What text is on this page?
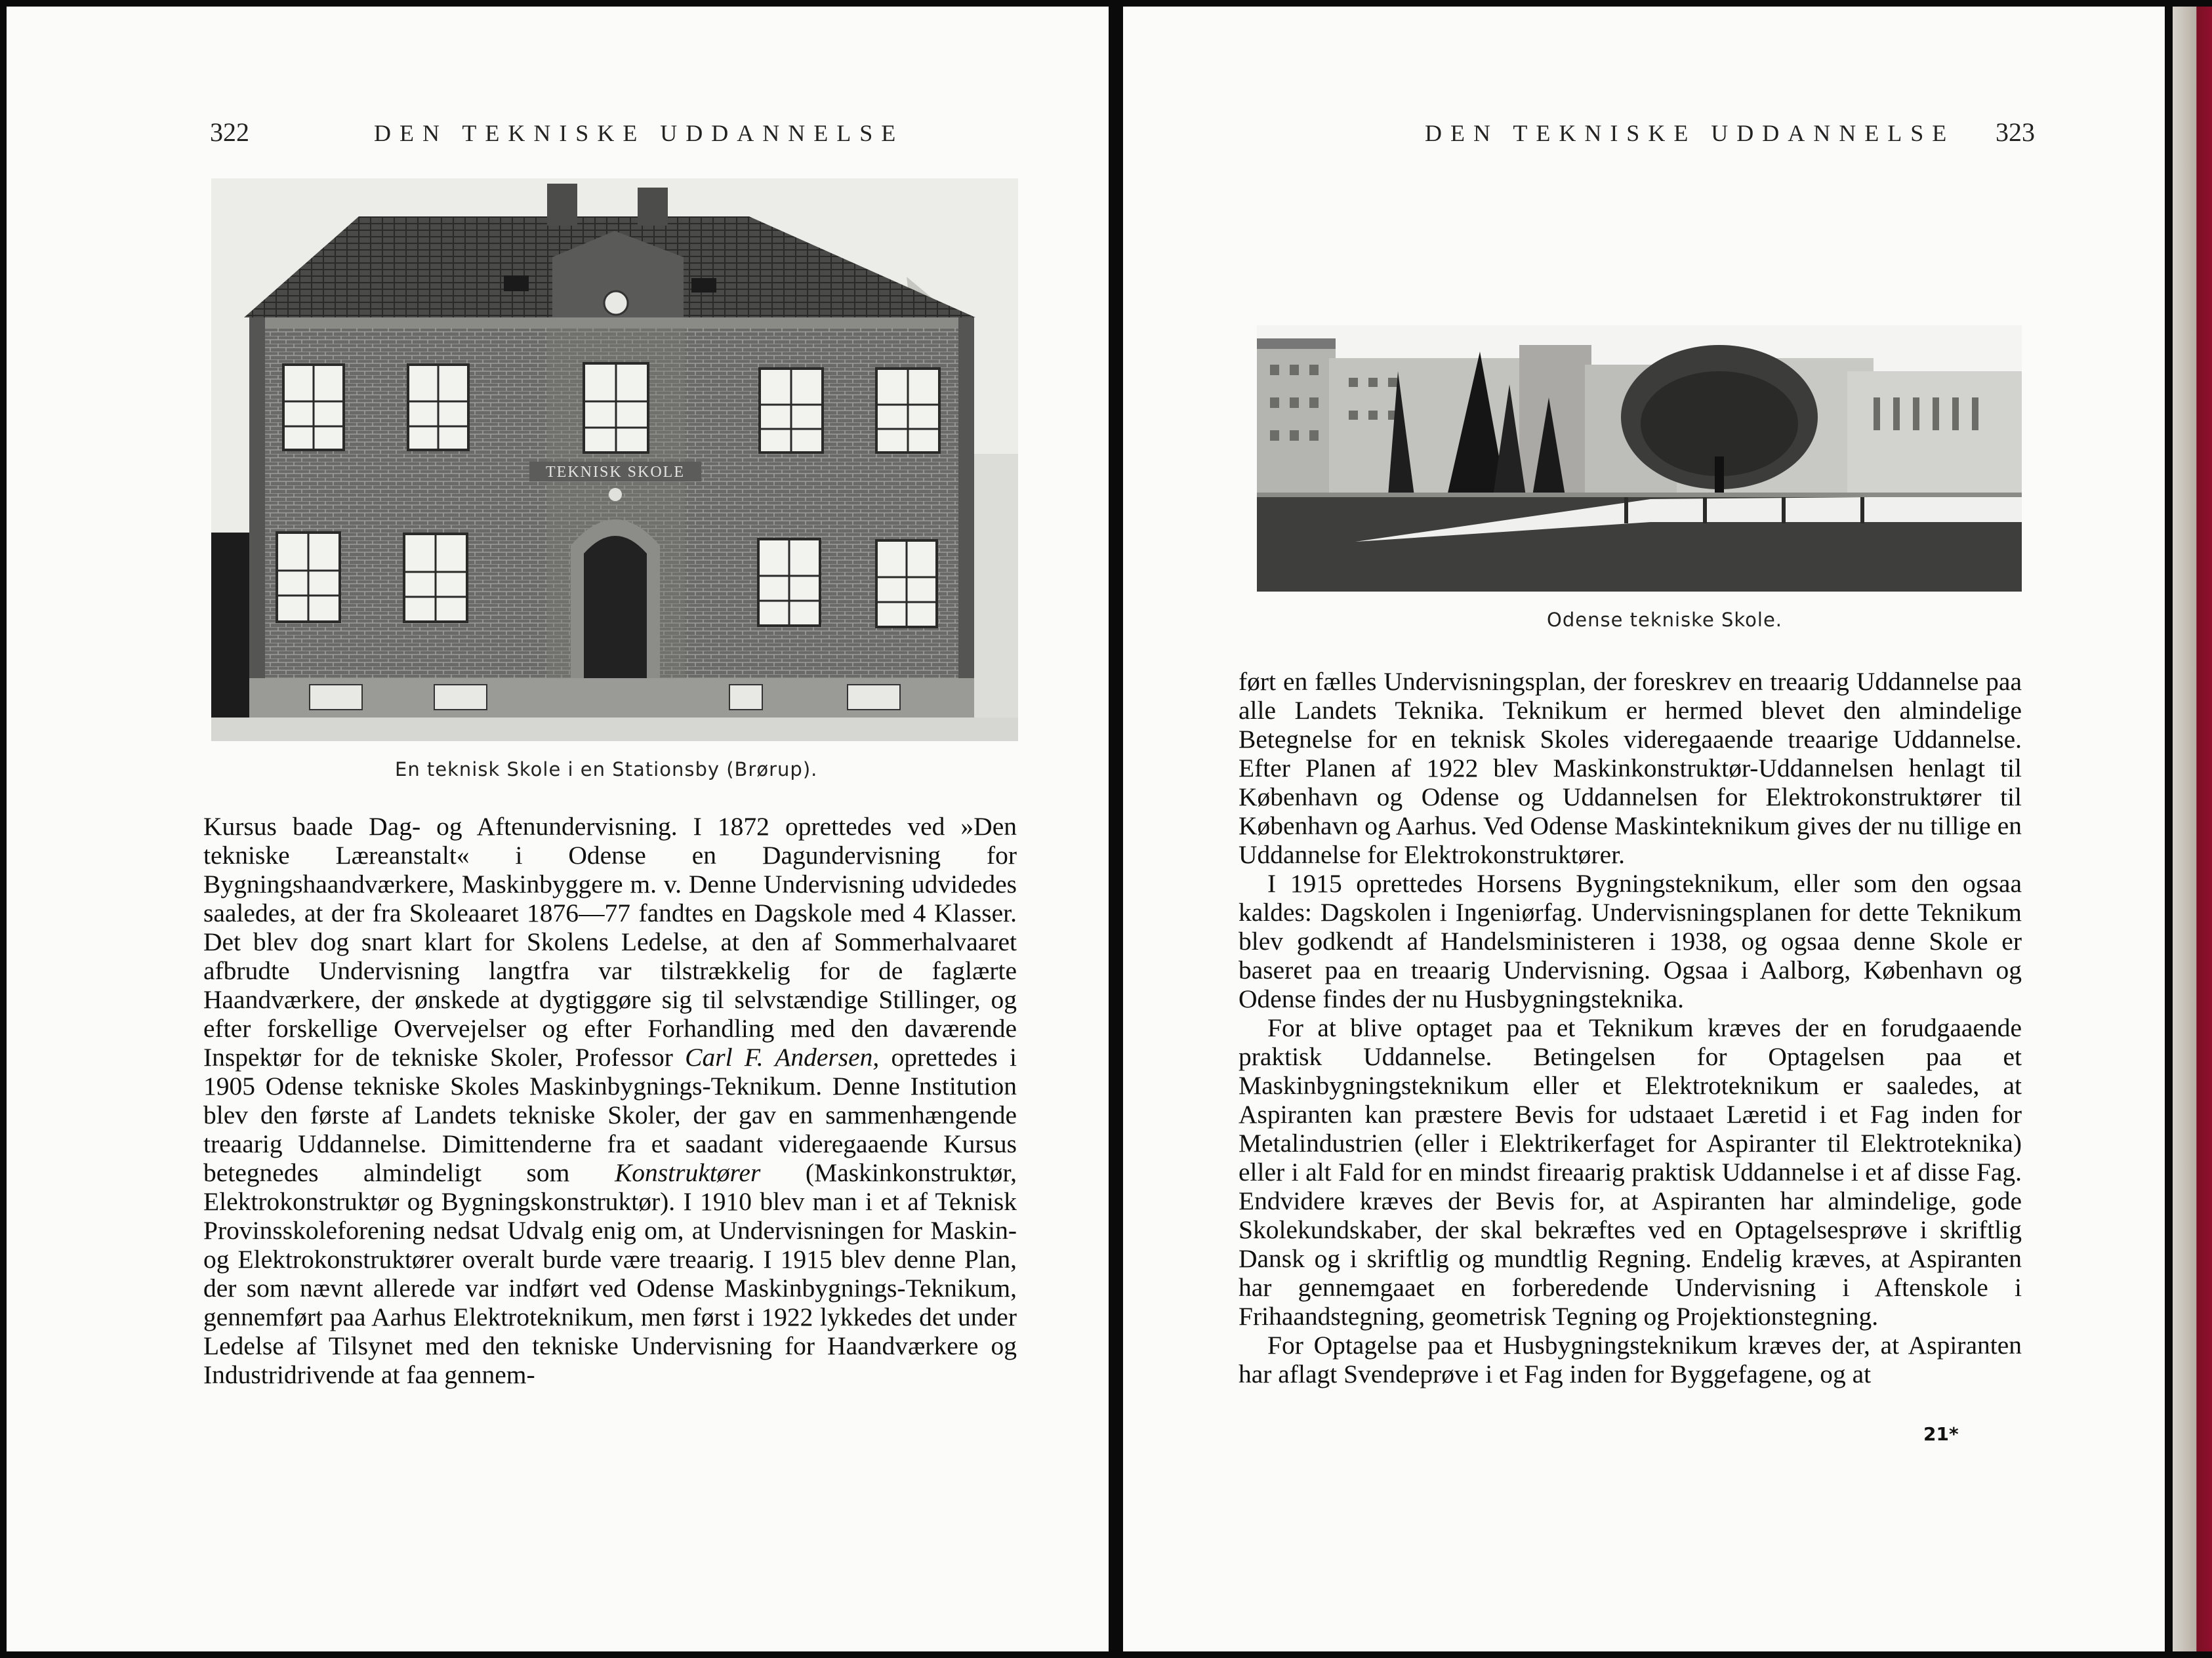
322	DEN TEKNISKE UDDANNELSE
TEKNISK SKOLE
En teknisk Skole i en Stationsby (Brørup).

Kursus baade Dag- og Aftenundervisning. I 1872 oprettedes ved »Den tekniske Læreanstalt« i Odense en Dagundervisning for Bygningshaandværkere, Maskinbyggere m. v. Denne Undervisning udvidedes saaledes, at der fra Skoleaaret 1876—77 fandtes en Dagskole med 4 Klasser. Det blev dog snart klart for Skolens Ledelse, at den af Sommerhalvaaret afbrudte Undervisning langtfra var tilstrækkelig for de faglærte Haandværkere, der ønskede at dygtiggøre sig til selvstændige Stillinger, og efter forskellige Overvejelser og efter Forhandling med den daværende Inspektør for de tekniske Skoler, Professor Carl F. Andersen, oprettedes i 1905 Odense tekniske Skoles Maskinbygnings-Teknikum. Denne Institution blev den første af Landets tekniske Skoler, der gav en sammenhængende treaarig Uddannelse. Dimittenderne fra et saadant videregaaende Kursus betegnedes almindeligt som Konstruktører (Maskinkonstruktør, Elektrokonstruktør og Bygningskonstruktør). I 1910 blev man i et af Teknisk Provinsskoleforening nedsat Udvalg enig om, at Undervisningen for Maskin- og Elektrokonstruktører overalt burde være treaarig. I 1915 blev denne Plan, der som nævnt allerede var indført ved Odense Maskinbygnings-Teknikum, gennemført paa Aarhus Elektroteknikum, men først i 1922 lykkedes det under Ledelse af Tilsynet med den tekniske Undervisning for Haandværkere og Industridrivende at faa gennem-

DEN TEKNISKE UDDANNELSE 323
Odense tekniske Skole.

ført en fælles Undervisningsplan, der foreskrev en treaarig Uddannelse paa alle Landets Teknika. Teknikum er hermed blevet den almindelige Betegnelse for en teknisk Skoles videregaaende treaarige Uddannelse. Efter Planen af 1922 blev Maskinkonstruktør-Uddannelsen henlagt til København og Odense og Uddannelsen for Elektrokonstruktører til København og Aarhus. Ved Odense Maskinteknikum gives der nu tillige en Uddannelse for Elektrokonstruktører.

I 1915 oprettedes Horsens Bygningsteknikum, eller som den ogsaa kaldes: Dagskolen i Ingeniørfag. Undervisningsplanen for dette Teknikum blev godkendt af Handelsministeren i 1938, og ogsaa denne Skole er baseret paa en treaarig Undervisning. Ogsaa i Aalborg, København og Odense findes der nu Husbygningsteknika.

For at blive optaget paa et Teknikum kræves der en forudgaaende praktisk Uddannelse. Betingelsen for Optagelsen paa et Maskinbygningsteknikum eller et Elektroteknikum er saaledes, at Aspiranten kan præstere Bevis for udstaaet Læretid i et Fag inden for Metalindustrien (eller i Elektrikerfaget for Aspiranter til Elektroteknika) eller i alt Fald for en mindst fireaarig praktisk Uddannelse i et af disse Fag. Endvidere kræves der Bevis for, at Aspiranten har almindelige, gode Skolekundskaber, der skal bekræftes ved en Optagelsesprøve i skriftlig Dansk og i skriftlig og mundtlig Regning. Endelig kræves, at Aspiranten har gennemgaaet en forberedende Undervisning i Aftenskole i Frihaandstegning, geometrisk Tegning og Projektionstegning.

For Optagelse paa et Husbygningsteknikum kræves der, at Aspiranten har aflagt Svendeprøve i et Fag inden for Byggefagene, og at

21*
